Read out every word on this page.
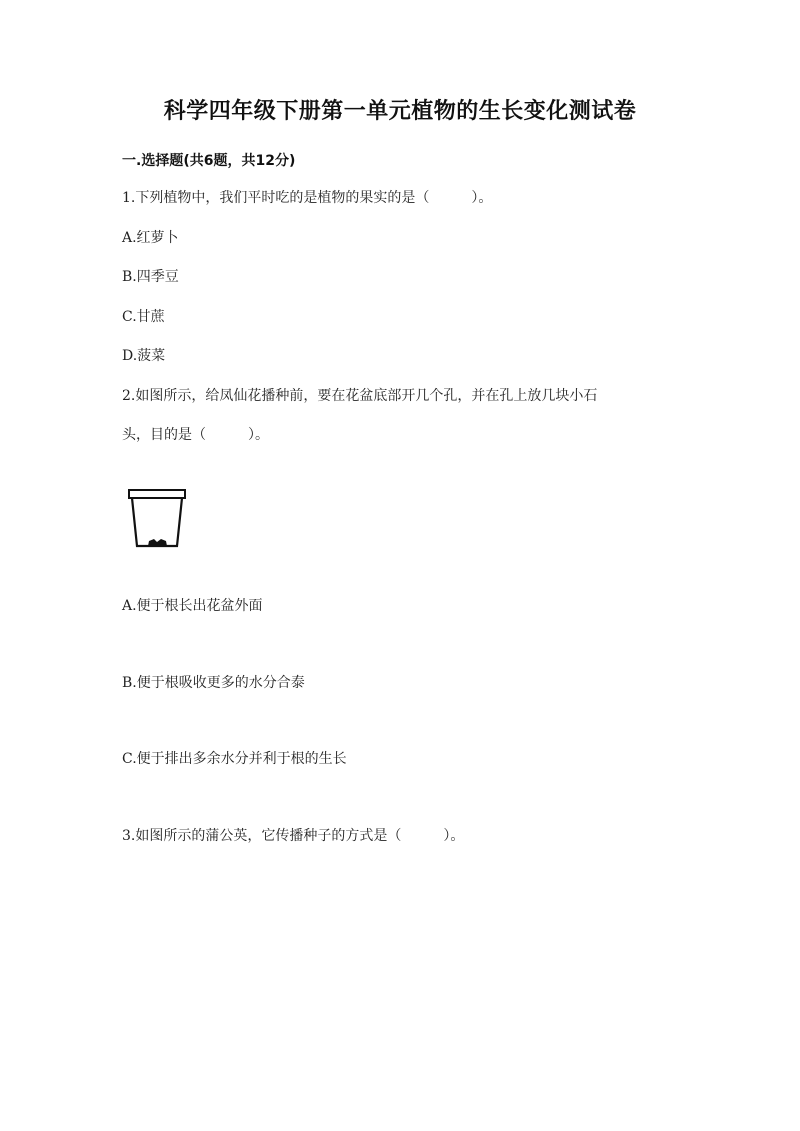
科学四年级下册第一单元植物的生长变化测试卷
一.选择题(共6题，共12分)
1.下列植物中，我们平时吃的是植物的果实的是（　　　）。
A.红萝卜
B.四季豆
C.甘蔗
D.菠菜
2.如图所示，给凤仙花播种前，要在花盆底部开几个孔，并在孔上放几块小石
头，目的是（　　　）。
A.便于根长出花盆外面
B.便于根吸收更多的水分合泰
C.便于排出多余水分并利于根的生长
3.如图所示的蒲公英，它传播种子的方式是（　　　）。
